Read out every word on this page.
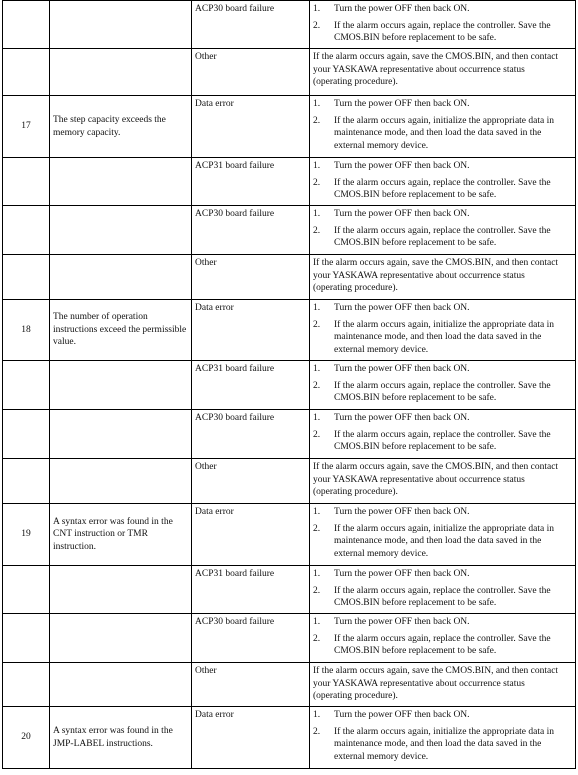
		ACP30 board failure	1. Turn the power OFF then back ON.
2. If the alarm occurs again, replace the controller. Save the CMOS.BIN before replacement to be safe.

		Other	If the alarm occurs again, save the CMOS.BIN, and then contact your YASKAWA representative about occurrence status (operating procedure).

17	The step capacity exceeds the memory capacity.	Data error	1. Turn the power OFF then back ON.
2. If the alarm occurs again, initialize the appropriate data in maintenance mode, and then load the data saved in the external memory device.

		ACP31 board failure	1. Turn the power OFF then back ON.
2. If the alarm occurs again, replace the controller. Save the CMOS.BIN before replacement to be safe.

		ACP30 board failure	1. Turn the power OFF then back ON.
2. If the alarm occurs again, replace the controller. Save the CMOS.BIN before replacement to be safe.

		Other	If the alarm occurs again, save the CMOS.BIN, and then contact your YASKAWA representative about occurrence status (operating procedure).

18	The number of operation instructions exceed the permissible value.	Data error	1. Turn the power OFF then back ON.
2. If the alarm occurs again, initialize the appropriate data in maintenance mode, and then load the data saved in the external memory device.

		ACP31 board failure	1. Turn the power OFF then back ON.
2. If the alarm occurs again, replace the controller. Save the CMOS.BIN before replacement to be safe.

		ACP30 board failure	1. Turn the power OFF then back ON.
2. If the alarm occurs again, replace the controller. Save the CMOS.BIN before replacement to be safe.

		Other	If the alarm occurs again, save the CMOS.BIN, and then contact your YASKAWA representative about occurrence status (operating procedure).

19	A syntax error was found in the CNT instruction or TMR instruction.	Data error	1. Turn the power OFF then back ON.
2. If the alarm occurs again, initialize the appropriate data in maintenance mode, and then load the data saved in the external memory device.

		ACP31 board failure	1. Turn the power OFF then back ON.
2. If the alarm occurs again, replace the controller. Save the CMOS.BIN before replacement to be safe.

		ACP30 board failure	1. Turn the power OFF then back ON.
2. If the alarm occurs again, replace the controller. Save the CMOS.BIN before replacement to be safe.

		Other	If the alarm occurs again, save the CMOS.BIN, and then contact your YASKAWA representative about occurrence status (operating procedure).

20	A syntax error was found in the JMP-LABEL instructions.	Data error	1. Turn the power OFF then back ON.
2. If the alarm occurs again, initialize the appropriate data in maintenance mode, and then load the data saved in the external memory device.
